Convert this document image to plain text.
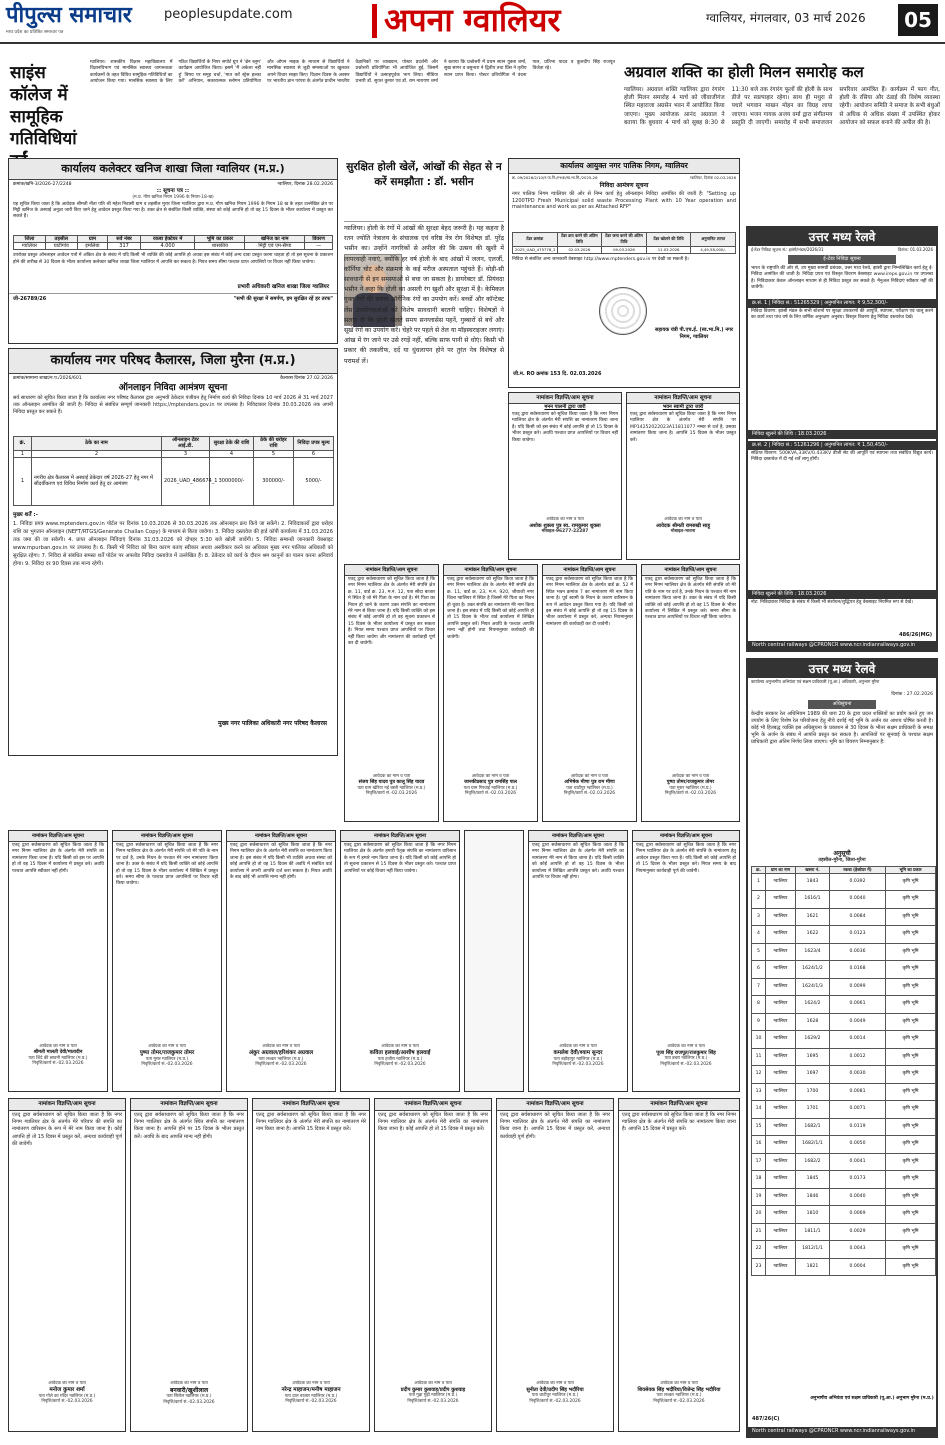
पीपुल्स समाचार
मध्य प्रदेश का प्रतिष्ठित समाचार पत्र
peoplesupdate.com	अपना ग्वालियर	ग्वालियर, मंगलवार, 03 मार्च 2026	05
साइंस कॉलेज में सामूहिक गतिविधियां
ग्वालियर। शासकीय विज्ञान महाविद्यालय में विज्ञानविभाग एवं मानसिक स्वास्थ्य जागरूकता कार्यक्रमों के तहत विविध सामूहिक गतिविधियों का आयोजन किया गया। मानसिक स्वास्थ्य के लिए गठित विद्यार्थियों के निपर सपोर्ट ग्रुप ने 'ब्रेन ब्लूम' कार्यक्रम आयोजित किया। इसमें 'मैं अकेला नहीं हूं' विषय पर समूह चर्चा, 'मात करें स्ट्रेस हल्का करें' अभियान, सकारात्मक स्लोगन प्रतियोगिता और ओपन माइक के माध्यम से विद्यार्थियों ने मानसिक स्वास्थ्य से जुड़ी समस्याओं पर खुलकर अपने विचार साझा किए। विज्ञान दिवस के अवसर पर भारतीय ज्ञान परंपरा के अंतर्गत प्राचीन भारतीय वैज्ञानिकों पर व्याख्यान, पोस्टर प्रदर्शनी और प्रश्नोत्तरी प्रतियोगिता भी आयोजित हुई, जिसमें विद्यार्थियों ने उत्साहपूर्वक भाग लिया। मीडिया प्रभारी डॉ. सुयश कुमार एवं डॉ. राम नारायण शर्मा ने बताया कि प्रश्नोत्तरी में प्रथम स्थान युक्ता शर्मा, सुख सागर व वसुन्धरा ने द्वितीय तथा प्रिंस ने तृतीय स्थान प्राप्त किया। पोस्टर प्रतियोगिता में वंदना पाल, प्रतिभा यादव व कुलदीप सिंह राजपूत विजेता रहे।	अग्रवाल शक्ति का होली मिलन समारोह कल
ग्वालियर। अग्रवाल शक्ति ग्वालियर द्वारा रंगारंग होली मिलन समारोह 4 मार्च को जीवाजीगंज स्थित महाराजा अग्रसेन भवन में आयोजित किया जाएगा। मुख्य आयोजक आनंद अग्रवाल ने बताया कि बुधवार 4 मार्च को सुबह 8:30 से 11:30 बजे तक रंगारंग फूलों की होली के साथ डीजे पर स्वल्पाहार रहेगा। साथ ही मथुरा से पधारे भगवान माखन मोहन का विग्रह लाया जाएगा। भजन गायक अजय वर्मा द्वारा संगीतमय प्रस्तुति दी जाएगी। समारोह में सभी समाजजन सपरिवार आमंत्रित हैं। कार्यक्रम में फाग गीत, होली के रसिया और ठंडाई की विशेष व्यवस्था रहेगी। आयोजन समिति ने समाज के सभी बंधुओं से अधिक से अधिक संख्या में उपस्थित होकर आयोजन को सफल बनाने की अपील की है।
कार्यालय कलेक्टर खनिज शाखा जिला ग्वालियर (म.प्र.)
क्रमांक/खनि-3/2026-27/2248	ग्वालियर, दिनांक 28.02.2026
:: सूचना पत्र ::
(म.प्र. गौण खनिज नियम 1996 के नियम-18-ख)
यह सूचित किया जाता है कि आवेदक श्रीमती नीता पति श्री महेश निवासी ग्राम व तहसील मुरार जिला ग्वालियर द्वारा म.प्र. गौण खनिज नियम 1996 के नियम 18 ख के तहत उल्लेखित क्षेत्र पर मिट्टी खनिज के अस्थाई अनुज्ञा जारी किए जाने हेतु आवेदन प्रस्तुत किया गया है। उक्त क्षेत्र से संबंधित किसी व्यक्ति, संस्था को कोई आपत्ति हो तो वह 15 दिवस के भीतर कार्यालय में प्रस्तुत कर सकते हैं।
जिला	तहसील	ग्राम	सर्वे नंबर	रकबा हेक्टेयर में	भूमि का प्रकार	खनिज का नाम	विवरण
ग्वालियर	घाटीगांव	इमलिया	317	4.000	शासकीय	मिट्टी एवं एम-सैण्ड	—
उपरोक्त प्रस्तुत ऑनलाइन आवेदन पत्रों में अंकित क्षेत्र के संबंध में यदि किसी भी व्यक्ति की कोई आपत्ति हो अथवा इस संबंध में कोई अन्य दावा प्रस्तुत करना चाहता हो तो इस सूचना के प्रकाशन होने की तारीख से 30 दिवस के भीतर कार्यालय कलेक्टर खनिज शाखा जिला ग्वालियर में आपत्ति कर सकता है। नियत समय सीमा पश्चात प्राप्त आपत्तियों पर विचार नहीं किया जावेगा।
प्रभारी अधिकारी खनिज शाखा जिला ग्वालियर
जी-26789/26	"सभी की सुरक्षा में समर्पण, हम सुरक्षित रहें हर तरफ"
कार्यालय नगर परिषद कैलारस, जिला मुरैना (म.प्र.)
क्रमांक/सामान्य शाखा/न.प./2026/601	कैलारस दिनांक 27.02.2026
ऑनलाइन निविदा आमंत्रण सूचना
सर्व साधारण को सूचित किया जाता है कि कार्यालय नगर परिषद कैलारस द्वारा अनुभवी ठेकेदार पंजीयन हेतु निर्माण कार्य की निविदा दिनांक 10 मार्च 2026 से 31 मार्च 2027 तक ऑनलाइन आमंत्रित की जाती है। निविदा से संबंधित सम्पूर्ण जानकारी https://mptenders.gov.in पर उपलब्ध है। निविदाकार दिनांक 30.03.2026 तक अपनी निविदा प्रस्तुत कर सकते हैं।
क्रं.	ठेके का नाम	ऑनलाइन टेंडर आई.डी.	सुरक्षा ठेके की राशि	ठेके की धरोहर राशि	निविदा प्रपत्र मूल्य
1	2	3	4	5	6
1	नगरीय क्षेत्र कैलारस में अस्थाई ठेकेदार वर्ष 2026-27 हेतु नगर में सौंदर्यीकरण एवं विविध निर्माण कार्य हेतु दर आमंत्रण	2026_UAD_486674_1	3000000/-	300000/-	5000/-
मुख्य शर्तें :-
1. निविदा प्रपत्र www.mptenders.gov.in पोर्टल पर दिनांक 10.03.2026 से 30.03.2026 तक ऑनलाइन क्रय किये जा सकेंगे। 2. निविदाकारों द्वारा धरोहर राशि का भुगतान ऑनलाइन (NEFT/RTGS/Generate Challan Copy) के माध्यम से किया जावेगा। 3. निविदा दस्तावेज की हार्ड कॉपी कार्यालय में 31.03.2026 तक जमा की जा सकेगी। 4. प्राप्त ऑनलाइन निविदाएं दिनांक 31.03.2026 को दोपहर 5:30 बजे खोली जावेंगी। 5. निविदा सम्बन्धी जानकारी वेबसाइट www.mpurban.gov.in पर उपलब्ध है। 6. किसी भी निविदा को बिना कारण बताए स्वीकार अथवा अस्वीकार करने का अधिकार मुख्य नगर पालिका अधिकारी को सुरक्षित रहेगा। 7. निविदा से संबंधित समस्त शर्तें पोर्टल पर अपलोड निविदा दस्तावेज में उल्लेखित हैं। 8. ठेकेदार को कार्य के दौरान श्रम कानूनों का पालन करना अनिवार्य होगा। 9. निविदा दर 90 दिवस तक मान्य रहेगी।
मुख्य नगर पालिका अधिकारी नगर परिषद कैलारस
सुरक्षित होली खेलें, आंखों की सेहत से न करें समझौता : डॉ. भसीन
ग्वालियर। होली के रंगों में आंखों की सुरक्षा बेहद जरूरी है। यह कहना है रतन ज्योति नेत्रालय के संचालक एवं वरिष्ठ नेत्र रोग विशेषज्ञ डॉ. पुरेंद्र भसीन का। उन्होंने नागरिकों से अपील की कि उत्सव की खुशी में लापरवाही नवाएं, क्योंकि हर वर्ष होली के बाद आंखों में जलन, एलर्जी, कॉर्निया चोट और संक्रमण के कई मरीज अस्पताल पहुंचते हैं। थोड़ी-सी सावधानी से इन समस्याओं से बचा जा सकता है। डायरेक्टर डॉ. प्रियंवदा भसीन ने कहा कि होली का असली रंग खुशी और सुरक्षा में है। केमिकल युक्त रंगों की बजाय ऑर्गेनिक रंगों का उपयोग करें। बच्चों और कॉन्टेक्ट लेंस उपयोगकर्ताओं को विशेष सावधानी बरतनी चाहिए। विशेषज्ञों ने सलाह दी कि होली खेलते समय सनग्लासेस पहनें, गुब्बारों से बचें और सूखे रंगों का उपयोग करें। चेहरे पर पहले से तेल या मॉइस्चराइजर लगाएं। आंख में रंग जाने पर उसे रगड़ें नहीं, बल्कि साफ पानी से धोएं। किसी भी प्रकार की तकलीफ, दर्द या धुंधलापन होने पर तुरंत नेत्र विशेषज्ञ से परामर्श लें।
कार्यालय आयुक्त नगर पालिक निगम, ग्वालियर
क्र. 09/2026/2/10/न.पा.नि./PHE/स्व.भा.मि./2025-26	ग्वालियर, दिनांक 02.03.2026
निविदा आमंत्रण सूचना
नगर पालिक निगम ग्वालियर की ओर से निम्न कार्य हेतु ऑनलाइन निविदा आमंत्रित की जाती है: "Setting up 1200TPD Fresh Municipal solid waste Processing Plant with 10 Year operation and maintenance and work as per as Attached RFP"
टेंडर क्रमांक	टेंडर क्रय करने की अंतिम तिथि	टेंडर जमा करने की अंतिम तिथि	टेंडर खोलने की तिथि	अनुमानित लागत
2025_UAD_475778_2	02.03.2026	09.03.2026	11.03.2026	4,49,58,000/-
निविदा से संबंधित अन्य जानकारी वेबसाइट http://www.mptenders.gov.in पर देखी जा सकती है।
सहायक यंत्री पी.एच.ई. (स्व.भा.मि.) नगर निगम, ग्वालियर
जी.म. RO क्रमांक 153 दि. 02.03.2026
नामांकन विज्ञप्ति/आम सूचना
मनन पालनी द्वारा जारी
एतद् द्वारा सर्वसाधारण को सूचित किया जाता है कि नगर निगम ग्वालियर क्षेत्र के अंतर्गत मेरी संपत्ति का नामांतरण किया जाना है। यदि किसी को इस संबंध में कोई आपत्ति हो तो 15 दिवस के भीतर प्रस्तुत करे। अवधि पश्चात प्राप्त आपत्तियों पर विचार नहीं किया जावेगा।
आवेदक का नाम व पता
अशोक शुक्ला पुत्र स्व. रामकुमार शुक्ला
मोबाइल-96277-22287
नामांकन विज्ञप्ति/आम सूचना
भवन स्वामी द्वारा जारी
एतद् द्वारा सर्वसाधारण को सूचित किया जाता है कि नगर निगम ग्वालियर क्षेत्र के अंतर्गत मेरी संपत्ति पर MP14252022023A11811077 नम्बर से दर्ज है, उसका नामांतरण किया जाना है। आपत्ति 15 दिवस के भीतर प्रस्तुत करें।
आवेदक का नाम व पता
आवेदक श्रीमती रामसखी साहू
मोबाइल-भावना
नामांकन विज्ञप्ति/आम सूचना
एतद् द्वारा सर्वसाधारण को सूचित किया जाता है कि नगर निगम ग्वालियर क्षेत्र के अंतर्गत मेरी संपत्ति क्षेत्र क्र. 11, वार्ड क्र. 23, म.नं. 12, पता सौदा बाजार मे स्थित है जो मेरे पिता के नाम दर्ज है। मेरे पिता का निधन हो जाने के कारण उक्त संपत्ति का नामांतरण मेरे नाम से किया जाना है। यदि किसी व्यक्ति को इस संबंध में कोई आपत्ति हो तो वह सूचना प्रकाशन से 15 दिवस के भीतर कार्यालय में प्रस्तुत कर सकता है। नियत समय पश्चात प्राप्त आपत्तियों पर विचार नहीं किया जावेगा और नामांतरण की कार्यवाही पूर्ण कर दी जावेगी।
आवेदक का नाम व पता
संजय सिंह यादव पुत्र कालू सिंह यादव
पता ग्राम खेरिया नई बस्ती ग्वालियर (म.प्र.)
निवृत्ति/कार्य सं.-02.03.2026
नामांकन विज्ञप्ति/आम सूचना
एतद् द्वारा सर्वसाधारण को सूचित किया जाता है कि नगर निगम ग्वालियर क्षेत्र के अंतर्गत मेरी संपत्ति क्षेत्र क्र. 11, वार्ड क्र. 23, म.नं. 920, जीवाजी नगर जिला ग्वालियर में स्थित है जिसमें मेरे पिता का निधन हो चुका है। उक्त संपत्ति का नामांतरण मेरे नाम किया जाना है। इस संबंध में यदि किसी को कोई आपत्ति हो तो 15 दिवस के भीतर वार्ड कार्यालय में लिखित आपत्ति प्रस्तुत करें। नियत अवधि के पश्चात आपत्ति मान्य नहीं होगी तथा नियमानुसार कार्यवाही की जावेगी।
आवेदक का नाम व पता
जानकीप्रसाद पुत्र रामसिंह पाल
पता ग्राम गिरवाई ग्वालियर (म.प्र.)
निवृत्ति/कार्य सं.-02.03.2026
नामांकन विज्ञप्ति/आम सूचना
एतद् द्वारा सर्वसाधारण को सूचित किया जाता है कि नगर निगम ग्वालियर क्षेत्र के अंतर्गत वार्ड क्र. 52 में स्थित भवन क्रमांक 7 का नामांतरण मेरे नाम किया जाना है। पूर्व स्वामी के निधन के कारण वारिसान के रूप में आवेदन प्रस्तुत किया गया है। यदि किसी को इस संबंध में कोई आपत्ति हो तो वह 15 दिवस के भीतर कार्यालय में प्रस्तुत करे, अन्यथा नियमानुसार नामांतरण की कार्यवाही कर दी जावेगी।
आवेदक का नाम व पता
अभिषेक मीणा पुत्र राम मीणा
पता थाटीपुर ग्वालियर (म.प्र.)
निवृत्ति/कार्य सं.-02.03.2026
नामांकन विज्ञप्ति/आम सूचना
एतद् द्वारा सर्वसाधारण को सूचित किया जाता है कि नगर निगम ग्वालियर क्षेत्र के अंतर्गत मेरी संपत्ति जो मेरे पति के नाम पर दर्ज है, उनके निधन के पश्चात मेरे नाम नामांतरण किया जाना है। उक्त के संबंध में यदि किसी व्यक्ति को कोई आपत्ति हो तो वह 15 दिवस के भीतर कार्यालय में लिखित में प्रस्तुत करे। समय सीमा के पश्चात प्राप्त आपत्तियों पर विचार नहीं किया जावेगा।
आवेदक का नाम व पता
पुष्पा तोमर/राजकुमार तोमर
पता मुरार ग्वालियर (म.प्र.)
निवृत्ति/कार्य सं.-02.03.2026
नामांकन विज्ञप्ति/आम सूचना
एतद् द्वारा सर्वसाधारण को सूचित किया जाता है कि नगर निगम ग्वालियर क्षेत्र के अंतर्गत मेरी संपत्ति का नामांतरण किया जाना है। यदि किसी को इस पर आपत्ति हो तो वह 15 दिवस में कार्यालय में प्रस्तुत करे। अवधि पश्चात आपत्ति स्वीकार नहीं होगी।
आवेदक का नाम व पता
श्रीमती मालती देवी/मातादीन
पता शिंदे की छावनी ग्वालियर (म.प्र.)
निवृत्ति/कार्य सं.-02.03.2026
नामांकन विज्ञप्ति/आम सूचना
एतद् द्वारा सर्वसाधारण को सूचित किया जाता है कि नगर निगम ग्वालियर क्षेत्र के अंतर्गत मेरी संपत्ति जो मेरे पति के नाम पर दर्ज है, उनके निधन के पश्चात मेरे नाम नामांतरण किया जाना है। उक्त के संबंध में यदि किसी व्यक्ति को कोई आपत्ति हो तो वह 15 दिवस के भीतर कार्यालय में लिखित में प्रस्तुत करे। समय सीमा के पश्चात प्राप्त आपत्तियों पर विचार नहीं किया जावेगा।
आवेदक का नाम व पता
पुष्पा तोमर/राजकुमार तोमर
पता मुरार ग्वालियर (म.प्र.)
निवृत्ति/कार्य सं.-02.03.2026
नामांकन विज्ञप्ति/आम सूचना
एतद् द्वारा सर्वसाधारण को सूचित किया जाता है कि नगर निगम ग्वालियर क्षेत्र के अंतर्गत मेरी संपत्ति का नामांतरण किया जाना है। इस संबंध में यदि किसी भी व्यक्ति अथवा संस्था को कोई आपत्ति हो तो वह 15 दिवस की अवधि में संबंधित वार्ड कार्यालय में अपनी आपत्ति दर्ज करा सकता है। नियत अवधि के बाद कोई भी आपत्ति मान्य नहीं होगी।
आवेदक का नाम व पता
अंकुर अग्रवाल/हरिशंकर अग्रवाल
पता लश्कर ग्वालियर (म.प्र.)
निवृत्ति/कार्य सं.-02.03.2026
नामांकन विज्ञप्ति/आम सूचना
एतद् द्वारा सर्वसाधारण को सूचित किया जाता है कि नगर निगम ग्वालियर क्षेत्र के अंतर्गत हमारी पैतृक संपत्ति का नामांतरण वारिसान के रूप में हमारे नाम किया जाना है। यदि किसी को कोई आपत्ति हो तो सूचना प्रकाशन से 15 दिवस के भीतर प्रस्तुत करे। पश्चात प्राप्त आपत्तियों पर कोई विचार नहीं किया जावेगा।
आवेदक का नाम व पता
कविता हलवाई/आशीष हलवाई
पता हजीरा ग्वालियर (म.प्र.)
निवृत्ति/कार्य सं.-02.03.2026
नामांकन विज्ञप्ति/आम सूचना
एतद् द्वारा सर्वसाधारण को सूचित किया जाता है कि नगर निगम ग्वालियर क्षेत्र के अंतर्गत मेरी संपत्ति का नामांतरण मेरे नाम से किया जाना है। यदि किसी व्यक्ति को कोई आपत्ति हो तो वह 15 दिवस के भीतर कार्यालय में लिखित आपत्ति प्रस्तुत करे। अवधि पश्चात आपत्ति पर विचार नहीं होगा।
आवेदक का नाम व पता
कमलेश देवी/श्याम सुन्दर
पता बहोड़ापुर ग्वालियर (म.प्र.)
निवृत्ति/कार्य सं.-02.03.2026
नामांकन विज्ञप्ति/आम सूचना
एतद् द्वारा सर्वसाधारण को सूचित किया जाता है कि नगर निगम ग्वालियर क्षेत्र के अंतर्गत मेरी संपत्ति के नामांतरण हेतु आवेदन प्रस्तुत किया गया है। यदि किसी को कोई आपत्ति हो तो 15 दिवस के भीतर प्रस्तुत करे। नियत समय के बाद नियमानुसार कार्यवाही पूर्ण की जावेगी।
आवेदक का नाम व पता
पूजा सिंह राजपूत/राजकुमार सिंह
पता डबरा ग्वालियर (म.प्र.)
निवृत्ति/कार्य सं.-02.03.2026
नामांकन विज्ञप्ति/आम सूचना
एतद् द्वारा सर्वसाधारण को सूचित किया जाता है कि नगर निगम ग्वालियर क्षेत्र के अंतर्गत मेरे परिवार की संपत्ति का नामांतरण वारिसान के रूप में मेरे नाम किया जाना है। कोई आपत्ति हो तो 15 दिवस में प्रस्तुत करें, अन्यथा कार्यवाही पूर्ण की जावेगी।
आवेदक का नाम व पता
मनोज कुमार शर्मा
पता गोले का मंदिर ग्वालियर (म.प्र.)
निवृत्ति/कार्य सं.-02.03.2026
नामांकन विज्ञप्ति/आम सूचना
एतद् द्वारा सर्वसाधारण को सूचित किया जाता है कि नगर निगम ग्वालियर क्षेत्र के अंतर्गत स्थित संपत्ति का नामांतरण किया जाना है। आपत्ति होने पर 15 दिवस के भीतर प्रस्तुत करें। अवधि के बाद आपत्ति मान्य नहीं होगी।
आवेदक का नाम व पता
बनवारी/खुशीलाल
पता सिरोल ग्वालियर (म.प्र.)
निवृत्ति/कार्य सं.-02.03.2026
नामांकन विज्ञप्ति/आम सूचना
एतद् द्वारा सर्वसाधारण को सूचित किया जाता है कि नगर निगम ग्वालियर क्षेत्र के अंतर्गत मेरी संपत्ति का नामांतरण मेरे नाम किया जाना है। आपत्ति 15 दिवस में प्रस्तुत करें।
आवेदक का नाम व पता
नरेन्द्र माहाजन/मनीष माहाजन
पता दाल बाजार ग्वालियर (म.प्र.)
निवृत्ति/कार्य सं.-02.03.2026
नामांकन विज्ञप्ति/आम सूचना
एतद् द्वारा सर्वसाधारण को सूचित किया जाता है कि नगर निगम ग्वालियर क्षेत्र के अंतर्गत मेरी संपत्ति का नामांतरण किया जाना है। कोई आपत्ति हो तो 15 दिवस में प्रस्तुत करें।
आवेदक का नाम व पता
प्रदीप कुमार कुशवाह/प्रदीप कुशवाह
पता गुढ़ा गुढ़ी ग्वालियर (म.प्र.)
निवृत्ति/कार्य सं.-02.03.2026
नामांकन विज्ञप्ति/आम सूचना
एतद् द्वारा सर्वसाधारण को सूचित किया जाता है कि नगर निगम ग्वालियर क्षेत्र के अंतर्गत मेरी संपत्ति का नामांतरण किया जाना है। आपत्ति 15 दिवस में प्रस्तुत करें, अन्यथा कार्यवाही पूर्ण होगी।
आवेदक का नाम व पता
सुनीता देवी/प्रदीप सिंह भदौरिया
पता थाटीपुर ग्वालियर (म.प्र.)
निवृत्ति/कार्य सं.-02.03.2026
नामांकन विज्ञप्ति/आम सूचना
एतद् द्वारा सर्वसाधारण को सूचित किया जाता है कि नगर निगम ग्वालियर क्षेत्र के अंतर्गत मेरी संपत्ति का नामांतरण किया जाना है। आपत्ति 15 दिवस में प्रस्तुत करें।
आवेदक का नाम व पता
शिवसेवक सिंह भदौरिया/विजेन्द्र सिंह भदौरिया
पता लश्कर ग्वालियर (म.प्र.)
निवृत्ति/कार्य सं.-02.03.2026
उत्तर मध्य रेलवे
ई-टेंडर निविदा सूचना सं.: झांसी/भंडार/2026/31	दिनांक: 01.03.2026
ई-टेंडर निविदा सूचना
भारत के राष्ट्रपति की ओर से, उप मुख्य सामग्री प्रबंधक, उत्तर मध्य रेलवे, झांसी द्वारा निम्नलिखित कार्य हेतु ई-निविदा आमंत्रित की जाती है। निविदा प्रपत्र एवं विस्तृत विवरण वेबसाइट www.ireps.gov.in पर उपलब्ध है। निविदाकार केवल ऑनलाइन माध्यम से ही निविदा प्रस्तुत कर सकते हैं। मैनुअल निविदाएं स्वीकार नहीं की जावेंगी।
क्र.सं. 1 | निविदा सं.: 51265329 | अनुमानित लागत: ₹ 9,52,300/-
निविदा विवरण: झांसी मंडल के सभी स्टेशनों पर सुरक्षा उपकरणों की आपूर्ति, स्थापना, परीक्षण एवं चालू करने का कार्य तथा पांच वर्ष के लिए वार्षिक अनुरक्षण अनुबंध। विस्तृत विवरण हेतु निविदा दस्तावेज देखें।
निविदा खुलने की तिथि : 18.03.2026
क्र.सं. 2 | निविदा सं.: 51261296 | अनुमानित लागत: ₹ 1,50,450/-
संक्षिप्त विवरण: 500KVA,33KV/0.433KV डीजी सेट की आपूर्ति एवं स्थापना तथा संबंधित विद्युत कार्य। निविदा दस्तावेज में दी गई शर्तें लागू होंगी।
निविदा खुलने की तिथि : 18.03.2026
नोट: निविदाकार निविदा के संबंध में किसी भी संशोधन/शुद्धिपत्र हेतु वेबसाइट नियमित रूप से देखें।
486/26(MG)
North central railways @CPRONCR www.ncr.indianrailways.gov.in
उत्तर मध्य रेलवे
कार्यालय अनुभागीय अभियंता एवं सक्षम प्राधिकारी (पू.आ.) अधिकारी, अनुभाग मुरैना
दिनांक : 27.02.2026
अधिसूचना
केन्द्रीय सरकार रेल अधिनियम 1989 की धारा 20 के द्वारा प्रदत्त शक्तियों का प्रयोग करते हुए जन उपयोग के लिए विशेष रेल परियोजना हेतु नीचे दर्शाई गई भूमि के अर्जन का आशय घोषित करती है। कोई भी हितबद्ध व्यक्ति इस अधिसूचना के प्रकाशन से 30 दिवस के भीतर सक्षम प्राधिकारी के समक्ष भूमि के अर्जन के संबंध में आपत्ति प्रस्तुत कर सकता है। आपत्तियों पर सुनवाई के पश्चात सक्षम प्राधिकारी द्वारा अंतिम निर्णय लिया जाएगा। भूमि का विवरण निम्नानुसार है:
अनुसूची
तहसील-मुरैना, जिला-मुरैना
क्र.	ग्राम का नाम	खसरा नं.	रकबा (हेक्टेयर में)	भूमि का प्रकार
1	ग्वालियर	1843	0.0392	कृषि भूमि
2	ग्वालियर	1616/1	0.0040	कृषि भूमि
3	ग्वालियर	1621	0.0084	कृषि भूमि
4	ग्वालियर	1622	0.0123	कृषि भूमि
5	ग्वालियर	1623/4	0.0036	कृषि भूमि
6	ग्वालियर	1624/1/2	0.0168	कृषि भूमि
7	ग्वालियर	1624/1/3	0.0099	कृषि भूमि
8	ग्वालियर	1624/2	0.0061	कृषि भूमि
9	ग्वालियर	1628	0.0049	कृषि भूमि
10	ग्वालियर	1629/2	0.0014	कृषि भूमि
11	ग्वालियर	1695	0.0012	कृषि भूमि
12	ग्वालियर	1697	0.0030	कृषि भूमि
13	ग्वालियर	1700	0.0081	कृषि भूमि
14	ग्वालियर	1701	0.0071	कृषि भूमि
15	ग्वालियर	1682/1	0.0119	कृषि भूमि
16	ग्वालियर	1682/1/1	0.0050	कृषि भूमि
17	ग्वालियर	1682/2	0.0041	कृषि भूमि
18	ग्वालियर	1845	0.0173	कृषि भूमि
19	ग्वालियर	1846	0.0040	कृषि भूमि
20	ग्वालियर	1810	0.0069	कृषि भूमि
21	ग्वालियर	1811/1	0.0029	कृषि भूमि
22	ग्वालियर	1812/1/1	0.0043	कृषि भूमि
23	ग्वालियर	1821	0.0004	कृषि भूमि
अनुभागीय अभियंता एवं सक्षम प्राधिकारी (पू.आ.) अनुभाग मुरैना (म.प्र.)
487/26(C)
North central railways @CPRONCR www.ncr.indianrailways.gov.in
